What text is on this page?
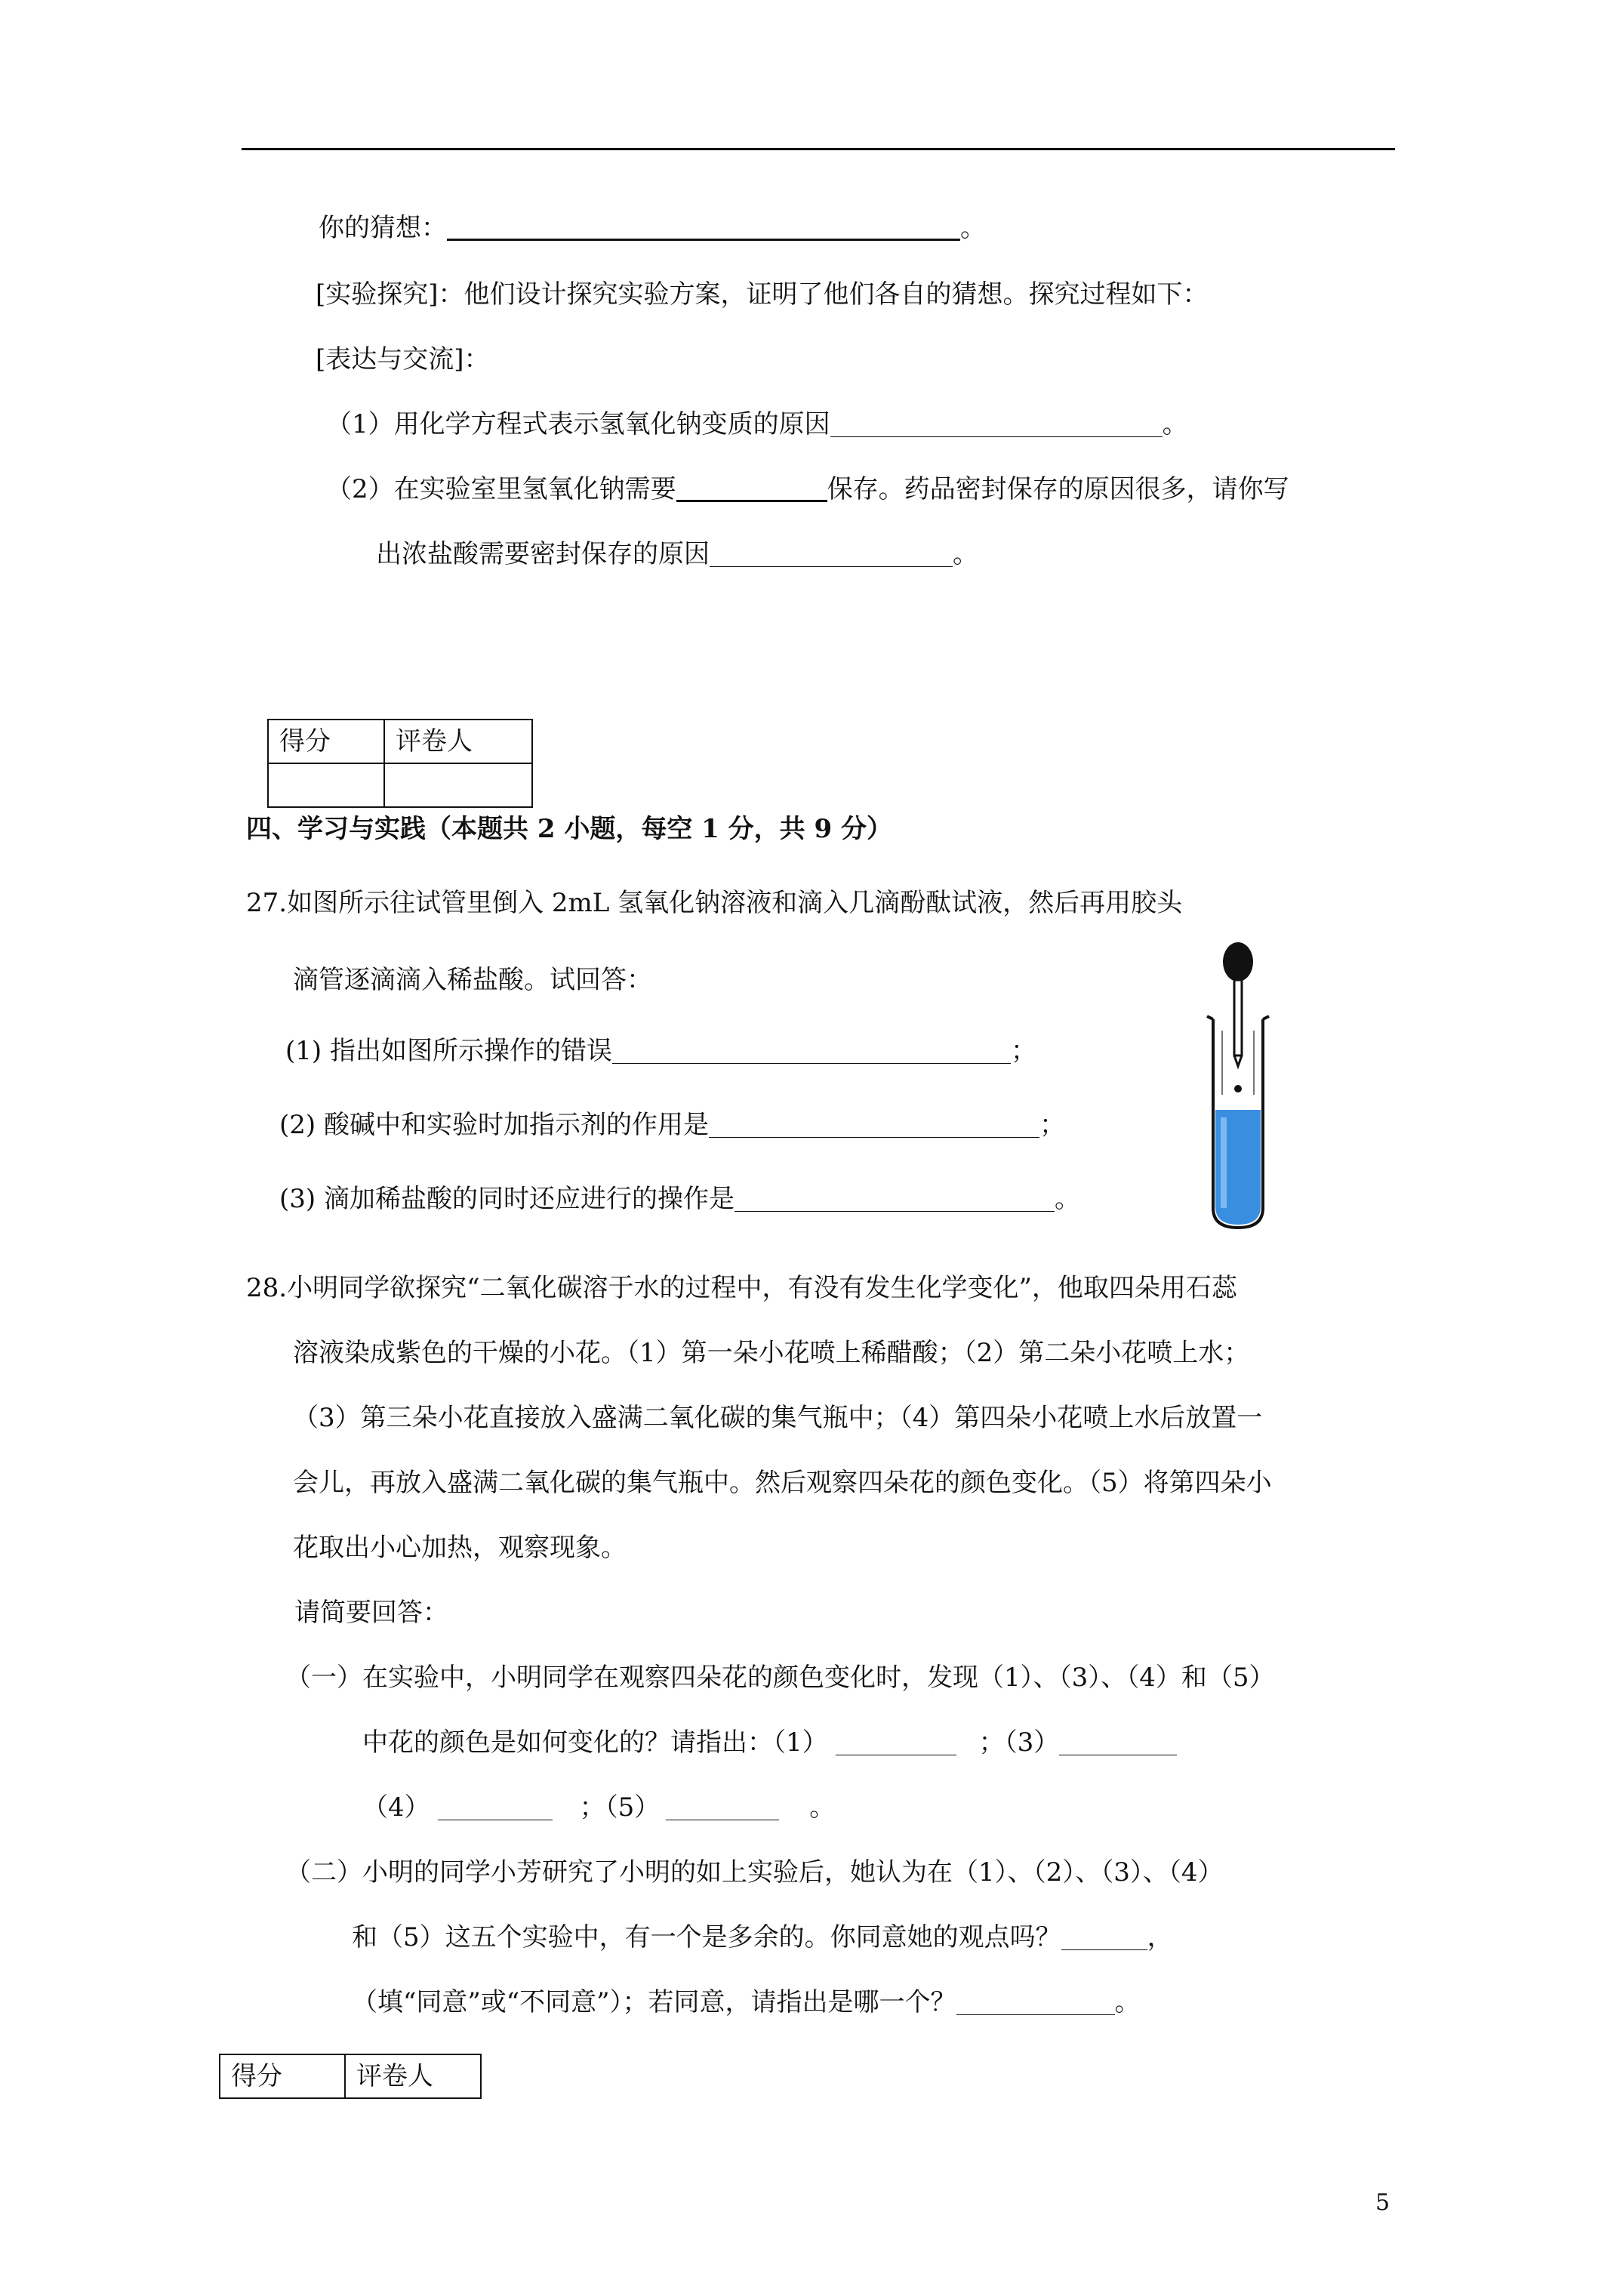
你的猜想：	。
[实验探究]：他们设计探究实验方案，证明了他们各自的猜想。探究过程如下：
[表达与交流]：
（1）用化学方程式表示氢氧化钠变质的原因	。
（2）在实验室里氢氧化钠需要	保存。药品密封保存的原因很多，请你写
出浓盐酸需要密封保存的原因	。
得分	评卷人

四、学习与实践（本题共 2 小题，每空 1 分，共 9 分）
27.如图所示往试管里倒入 2mL 氢氧化钠溶液和滴入几滴酚酞试液，然后再用胶头
滴管逐滴滴入稀盐酸。试回答：
(1) 指出如图所示操作的错误	；
(2) 酸碱中和实验时加指示剂的作用是	；
(3) 滴加稀盐酸的同时还应进行的操作是	。
28.小明同学欲探究“二氧化碳溶于水的过程中，有没有发生化学变化”，他取四朵用石蕊
溶液染成紫色的干燥的小花。（1）第一朵小花喷上稀醋酸；（2）第二朵小花喷上水；
（3）第三朵小花直接放入盛满二氧化碳的集气瓶中；（4）第四朵小花喷上水后放置一
会儿，再放入盛满二氧化碳的集气瓶中。然后观察四朵花的颜色变化。（5）将第四朵小
花取出小心加热，观察现象。
请简要回答：
（一）在实验中，小明同学在观察四朵花的颜色变化时，发现（1）、（3）、（4）和（5）
中花的颜色是如何变化的？请指出：（1）	；（3）
（4）	；（5）	。
（二）小明的同学小芳研究了小明的如上实验后，她认为在（1）、（2）、（3）、（4）
和（5）这五个实验中，有一个是多余的。你同意她的观点吗？	，
（填“同意”或“不同意”）；若同意，请指出是哪一个？	。
得分	评卷人
5
